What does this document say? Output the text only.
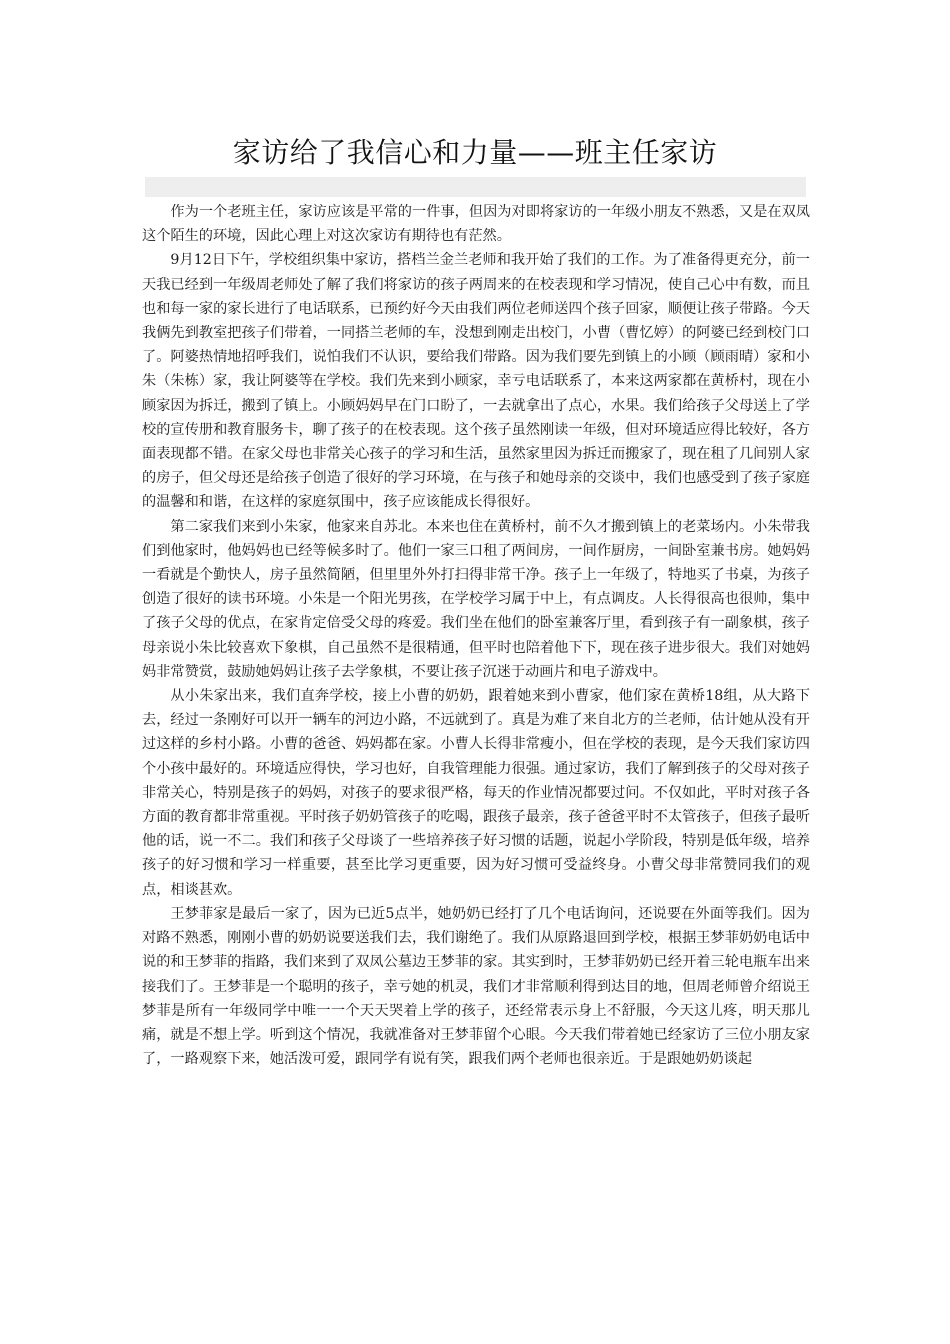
家访给了我信心和力量——班主任家访

作为一个老班主任，家访应该是平常的一件事，但因为对即将家访的一年级小朋友不熟悉，又是在双凤这个陌生的环境，因此心理上对这次家访有期待也有茫然。

9月12日下午，学校组织集中家访，搭档兰金兰老师和我开始了我们的工作。为了准备得更充分，前一天我已经到一年级周老师处了解了我们将家访的孩子两周来的在校表现和学习情况，使自己心中有数，而且也和每一家的家长进行了电话联系，已预约好今天由我们两位老师送四个孩子回家，顺便让孩子带路。今天我俩先到教室把孩子们带着，一同搭兰老师的车，没想到刚走出校门，小曹（曹忆婷）的阿婆已经到校门口了。阿婆热情地招呼我们，说怕我们不认识，要给我们带路。因为我们要先到镇上的小顾（顾雨晴）家和小朱（朱栋）家，我让阿婆等在学校。我们先来到小顾家，幸亏电话联系了，本来这两家都在黄桥村，现在小顾家因为拆迁，搬到了镇上。小顾妈妈早在门口盼了，一去就拿出了点心，水果。我们给孩子父母送上了学校的宣传册和教育服务卡，聊了孩子的在校表现。这个孩子虽然刚读一年级，但对环境适应得比较好，各方面表现都不错。在家父母也非常关心孩子的学习和生活，虽然家里因为拆迁而搬家了，现在租了几间别人家的房子，但父母还是给孩子创造了很好的学习环境，在与孩子和她母亲的交谈中，我们也感受到了孩子家庭的温馨和和谐，在这样的家庭氛围中，孩子应该能成长得很好。

第二家我们来到小朱家，他家来自苏北。本来也住在黄桥村，前不久才搬到镇上的老菜场内。小朱带我们到他家时，他妈妈也已经等候多时了。他们一家三口租了两间房，一间作厨房，一间卧室兼书房。她妈妈一看就是个勤快人，房子虽然简陋，但里里外外打扫得非常干净。孩子上一年级了，特地买了书桌，为孩子创造了很好的读书环境。小朱是一个阳光男孩，在学校学习属于中上，有点调皮。人长得很高也很帅，集中了孩子父母的优点，在家肯定倍受父母的疼爱。我们坐在他们的卧室兼客厅里，看到孩子有一副象棋，孩子母亲说小朱比较喜欢下象棋，自己虽然不是很精通，但平时也陪着他下下，现在孩子进步很大。我们对她妈妈非常赞赏，鼓励她妈妈让孩子去学象棋，不要让孩子沉迷于动画片和电子游戏中。

从小朱家出来，我们直奔学校，接上小曹的奶奶，跟着她来到小曹家，他们家在黄桥18组，从大路下去，经过一条刚好可以开一辆车的河边小路，不远就到了。真是为难了来自北方的兰老师，估计她从没有开过这样的乡村小路。小曹的爸爸、妈妈都在家。小曹人长得非常瘦小，但在学校的表现，是今天我们家访四个小孩中最好的。环境适应得快，学习也好，自我管理能力很强。通过家访，我们了解到孩子的父母对孩子非常关心，特别是孩子的妈妈，对孩子的要求很严格，每天的作业情况都要过问。不仅如此，平时对孩子各方面的教育都非常重视。平时孩子奶奶管孩子的吃喝，跟孩子最亲，孩子爸爸平时不太管孩子，但孩子最听他的话，说一不二。我们和孩子父母谈了一些培养孩子好习惯的话题，说起小学阶段，特别是低年级，培养孩子的好习惯和学习一样重要，甚至比学习更重要，因为好习惯可受益终身。小曹父母非常赞同我们的观点，相谈甚欢。

王梦菲家是最后一家了，因为已近5点半，她奶奶已经打了几个电话询问，还说要在外面等我们。因为对路不熟悉，刚刚小曹的奶奶说要送我们去，我们谢绝了。我们从原路退回到学校，根据王梦菲奶奶电话中说的和王梦菲的指路，我们来到了双凤公墓边王梦菲的家。其实到时，王梦菲奶奶已经开着三轮电瓶车出来接我们了。王梦菲是一个聪明的孩子，幸亏她的机灵，我们才非常顺利得到达目的地，但周老师曾介绍说王梦菲是所有一年级同学中唯一一个天天哭着上学的孩子，还经常表示身上不舒服，今天这儿疼，明天那儿痛，就是不想上学。听到这个情况，我就准备对王梦菲留个心眼。今天我们带着她已经家访了三位小朋友家了，一路观察下来，她活泼可爱，跟同学有说有笑，跟我们两个老师也很亲近。于是跟她奶奶谈起
